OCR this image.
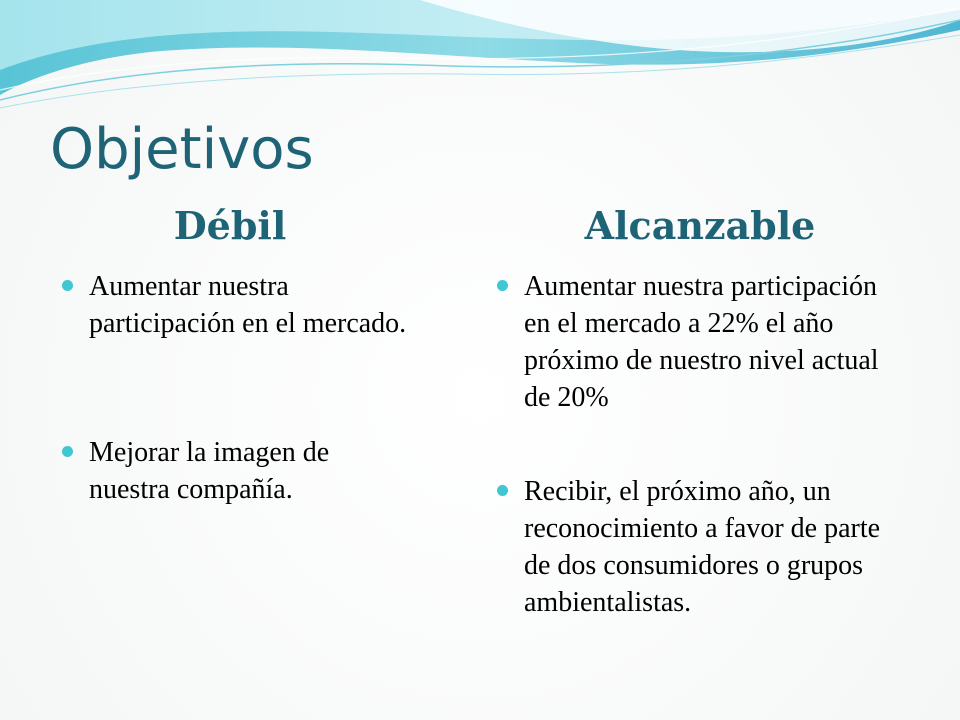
Objetivos
Débil	Alcanzable
Aumentar nuestra participación en el mercado.
Mejorar la imagen de nuestra compañía.
Aumentar nuestra participación en el mercado a 22% el año próximo de nuestro nivel actual de 20%
Recibir, el próximo año, un reconocimiento a favor de parte de dos consumidores o grupos ambientalistas.
